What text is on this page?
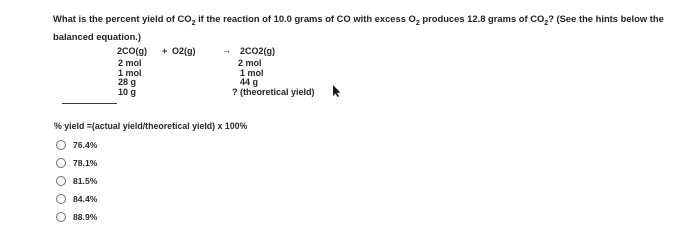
What is the percent yield of $CO_2$ if the reaction of 10.0 grams of CO with excess $O_2$ produces 12.8 grams of $CO_2$? (See the hints below the balanced equation.)
2CO(g) + O2(g)	→ 2CO2(g)
2 mol
1 mol
28 g
10 g
2 mol
1 mol
44 g
? (theoretical yield)
% yield =(actual yield/theoretical yield) x 100%
76.4%
78.1%
81.5%
84.4%
88.9%
